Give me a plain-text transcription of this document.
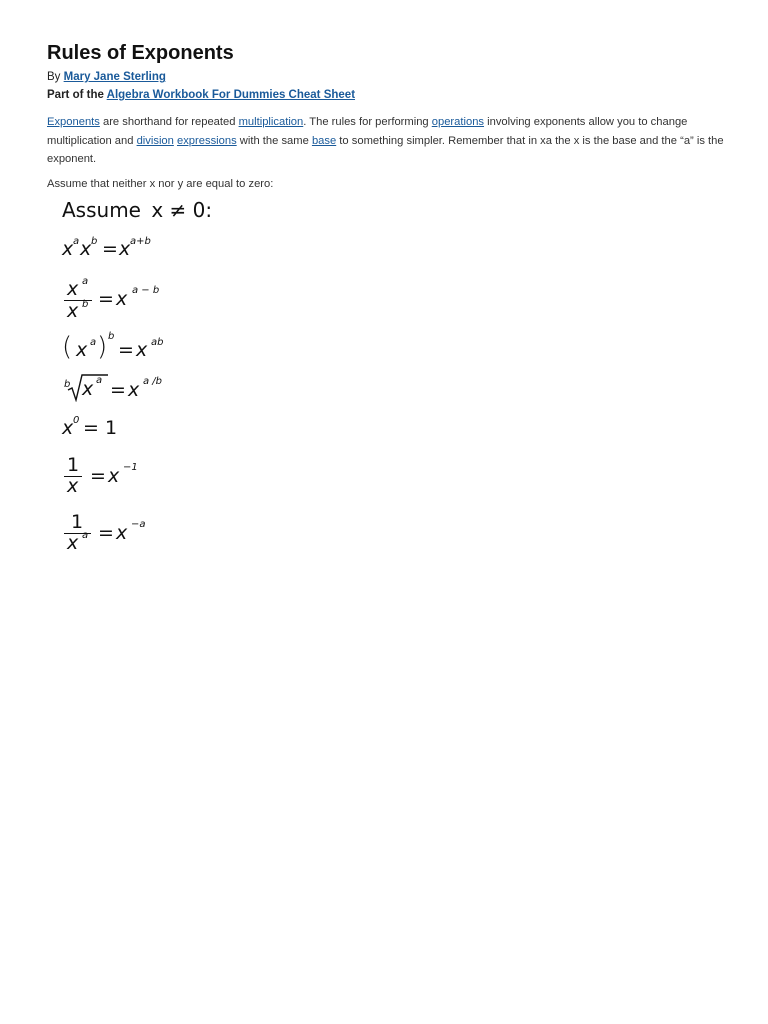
Rules of Exponents
By Mary Jane Sterling
Part of the Algebra Workbook For Dummies Cheat Sheet

Exponents are shorthand for repeated multiplication. The rules for performing operations involving exponents allow you to change multiplication and division expressions with the same base to something simpler. Remember that in xa the x is the base and the “a” is the exponent.

Assume that neither x nor y are equal to zero:

Assume x ≠ 0:
x a x b = x a+b
x a
x b = x a − b
( x a ) b
= x ab
b x a = x a /b
x 0 = 1
1
x = x −1
1
x a = x −a
